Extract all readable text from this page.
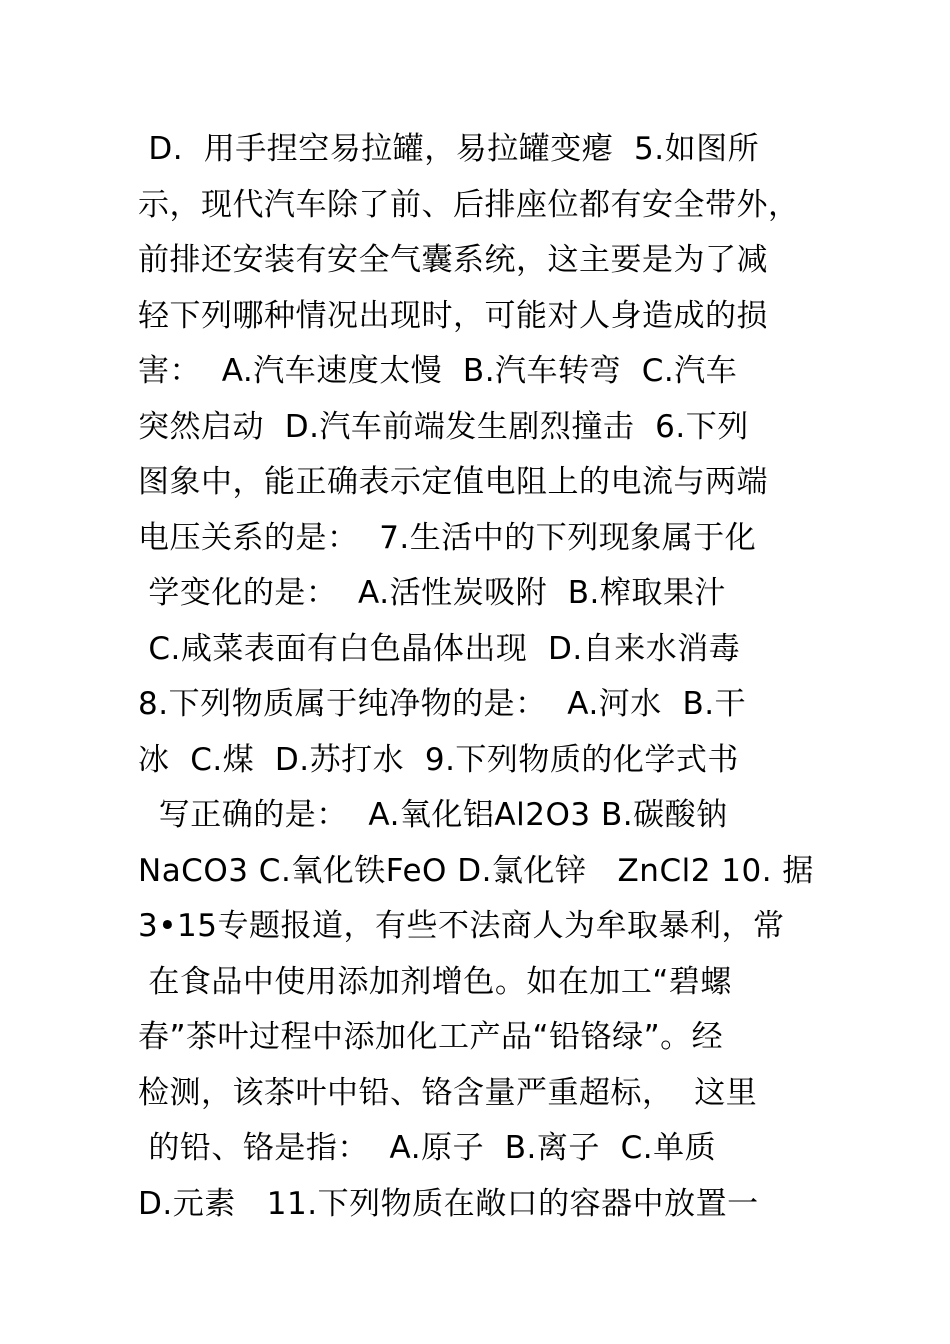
D.  用手捏空易拉罐，易拉罐变瘪  5.如图所
示，现代汽车除了前、后排座位都有安全带外，
前排还安装有安全气囊系统，这主要是为了减
轻下列哪种情况出现时，可能对人身造成的损
害：  A.汽车速度太慢  B.汽车转弯  C.汽车
突然启动  D.汽车前端发生剧烈撞击  6.下列
图象中，能正确表示定值电阻上的电流与两端
电压关系的是：  7.生活中的下列现象属于化
学变化的是：  A.活性炭吸附  B.榨取果汁
C.咸菜表面有白色晶体出现  D.自来水消毒
8.下列物质属于纯净物的是：  A.河水  B.干
冰  C.煤  D.苏打水  9.下列物质的化学式书
写正确的是：  A.氧化铝Al2O3 B.碳酸钠
NaCO3 C.氧化铁FeO D.氯化锌   ZnCl2 10. 据
3•15专题报道，有些不法商人为牟取暴利，常
在食品中使用添加剂增色。如在加工“碧螺
春”茶叶过程中添加化工产品“铅铬绿”。经
检测，该茶叶中铅、铬含量严重超标，  这里
的铅、铬是指：  A.原子  B.离子  C.单质
D.元素   11.下列物质在敞口的容器中放置一
